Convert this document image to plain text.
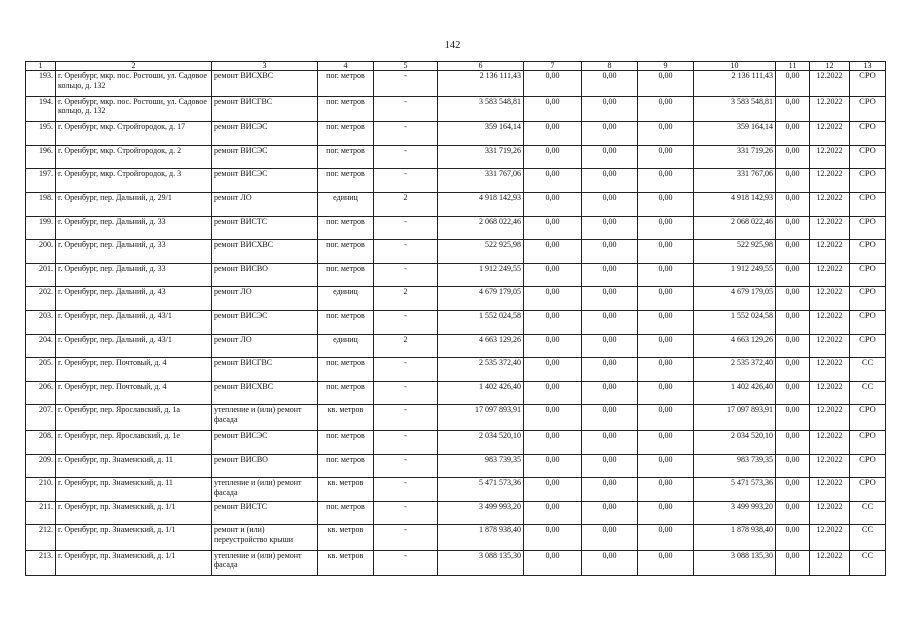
142
1	2	3	4	5	6	7	8	9	10	11	12	13
193.	г. Оренбург, мкр. пос. Ростоши, ул. Садовое кольцо, д. 132	ремонт ВИСХВС	пог. метров	-	2 136 111,43	0,00	0,00	0,00	2 136 111,43	0,00	12.2022	СРО
194.	г. Оренбург, мкр. пос. Ростоши, ул. Садовое кольцо, д. 132	ремонт ВИСГВС	пог. метров	-	3 583 548,81	0,00	0,00	0,00	3 583 548,81	0,00	12.2022	СРО
195.	г. Оренбург, мкр. Стройгородок, д. 17	ремонт ВИСЭС	пог. метров	-	359 164,14	0,00	0,00	0,00	359 164,14	0,00	12.2022	СРО
196.	г. Оренбург, мкр. Стройгородок, д. 2	ремонт ВИСЭС	пог. метров	-	331 719,26	0,00	0,00	0,00	331 719,26	0,00	12.2022	СРО
197.	г. Оренбург, мкр. Стройгородок, д. 3	ремонт ВИСЭС	пог. метров	-	331 767,06	0,00	0,00	0,00	331 767,06	0,00	12.2022	СРО
198.	г. Оренбург, пер. Дальний, д. 29/1	ремонт ЛО	единиц	2	4 918 142,93	0,00	0,00	0,00	4 918 142,93	0,00	12.2022	СРО
199.	г. Оренбург, пер. Дальний, д. 33	ремонт ВИСТС	пог. метров	-	2 068 022,46	0,00	0,00	0,00	2 068 022,46	0,00	12.2022	СРО
200.	г. Оренбург, пер. Дальний, д. 33	ремонт ВИСХВС	пог. метров	-	522 925,98	0,00	0,00	0,00	522 925,98	0,00	12.2022	СРО
201.	г. Оренбург, пер. Дальний, д. 33	ремонт ВИСВО	пог. метров	-	1 912 249,55	0,00	0,00	0,00	1 912 249,55	0,00	12.2022	СРО
202.	г. Оренбург, пер. Дальний, д. 43	ремонт ЛО	единиц	2	4 679 179,05	0,00	0,00	0,00	4 679 179,05	0,00	12.2022	СРО
203.	г. Оренбург, пер. Дальний, д. 43/1	ремонт ВИСЭС	пог. метров	-	1 552 024,58	0,00	0,00	0,00	1 552 024,58	0,00	12.2022	СРО
204.	г. Оренбург, пер. Дальний, д. 43/1	ремонт ЛО	единиц	2	4 663 129,26	0,00	0,00	0,00	4 663 129,26	0,00	12.2022	СРО
205.	г. Оренбург, пер. Почтовый, д. 4	ремонт ВИСГВС	пог. метров	-	2 535 372,40	0,00	0,00	0,00	2 535 372,40	0,00	12.2022	СС
206.	г. Оренбург, пер. Почтовый, д. 4	ремонт ВИСХВС	пог. метров	-	1 402 426,40	0,00	0,00	0,00	1 402 426,40	0,00	12.2022	СС
207.	г. Оренбург, пер. Ярославский, д. 1а	утепление и (или) ремонт фасада	кв. метров	-	17 097 893,91	0,00	0,00	0,00	17 097 893,91	0,00	12.2022	СРО
208.	г. Оренбург, пер. Ярославский, д. 1е	ремонт ВИСЭС	пог. метров	-	2 034 520,10	0,00	0,00	0,00	2 034 520,10	0,00	12.2022	СРО
209.	г. Оренбург, пр. Знаменский, д. 11	ремонт ВИСВО	пог. метров	-	983 739,35	0,00	0,00	0,00	983 739,35	0,00	12.2022	СРО
210.	г. Оренбург, пр. Знаменский, д. 11	утепление и (или) ремонт фасада	кв. метров	-	5 471 573,36	0,00	0,00	0,00	5 471 573,36	0,00	12.2022	СРО
211.	г. Оренбург, пр. Знаменский, д. 1/1	ремонт ВИСТС	пог. метров	-	3 499 993,20	0,00	0,00	0,00	3 499 993,20	0,00	12.2022	СС
212.	г. Оренбург, пр. Знаменский, д. 1/1	ремонт и (или) переустройство крыши	кв. метров	-	1 878 938,40	0,00	0,00	0,00	1 878 938,40	0,00	12.2022	СС
213.	г. Оренбург, пр. Знаменский, д. 1/1	утепление и (или) ремонт фасада	кв. метров	-	3 088 135,30	0,00	0,00	0,00	3 088 135,30	0,00	12.2022	СС
